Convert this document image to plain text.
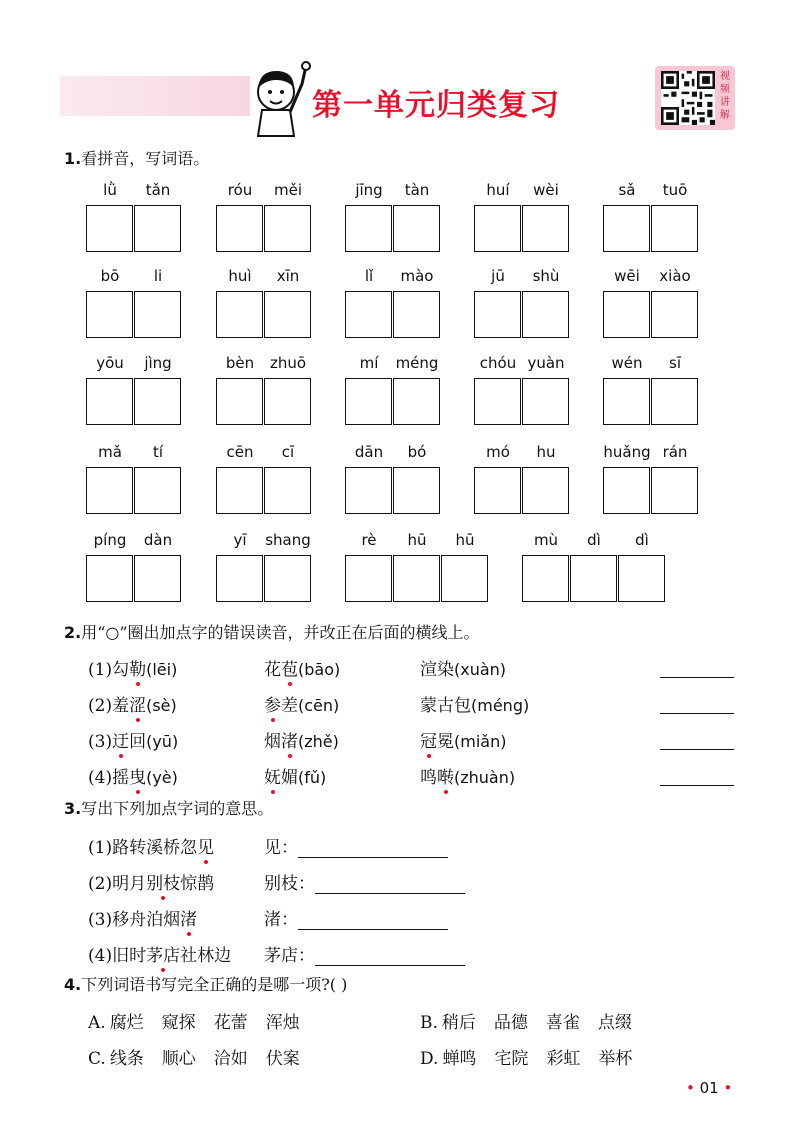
第一单元归类复习
视频讲解
1.看拼音，写词语。
lǜ	tǎn	róu	měi	jīng	tàn	huí	wèi	sǎ	tuō
bō	li	huì	xīn	lǐ	mào	jū	shù	wēi	xiào
yōu	jìng	bèn	zhuō	mí	méng	chóu yuàn	wén	sī
mǎ	tí	cēn	cī	dān	bó	mó	hu	huǎng rán
píng	dàn	yī	shang	rè	hū	hū	mù	dì	dì
2.用“○”圈出加点字的错误读音，并改正在后面的横线上。
(1)勾勒(lēi)	花苞(bāo)	渲染(xuàn)
(2)羞涩(sè)	参差(cēn)	蒙古包(méng)
(3)迂回(yū)	烟渚(zhě)	冠冕(miǎn)
(4)摇曳(yè)	妩媚(fǔ)	鸣啭(zhuàn)
3.写出下列加点字词的意思。
(1)路转溪桥忽见	见：
(2)明月别枝惊鹊	别枝：
(3)移舟泊烟渚	渚：
(4)旧时茅店社林边 茅店：
4.下列词语书写完全正确的是哪一项?( )
A. 腐烂 窥探 花蕾 浑烛	B. 稍后 品德 喜雀 点缀
C. 线条 顺心 洽如 伏案	D. 蝉鸣 宅院 彩虹 举杯
• 01 •
